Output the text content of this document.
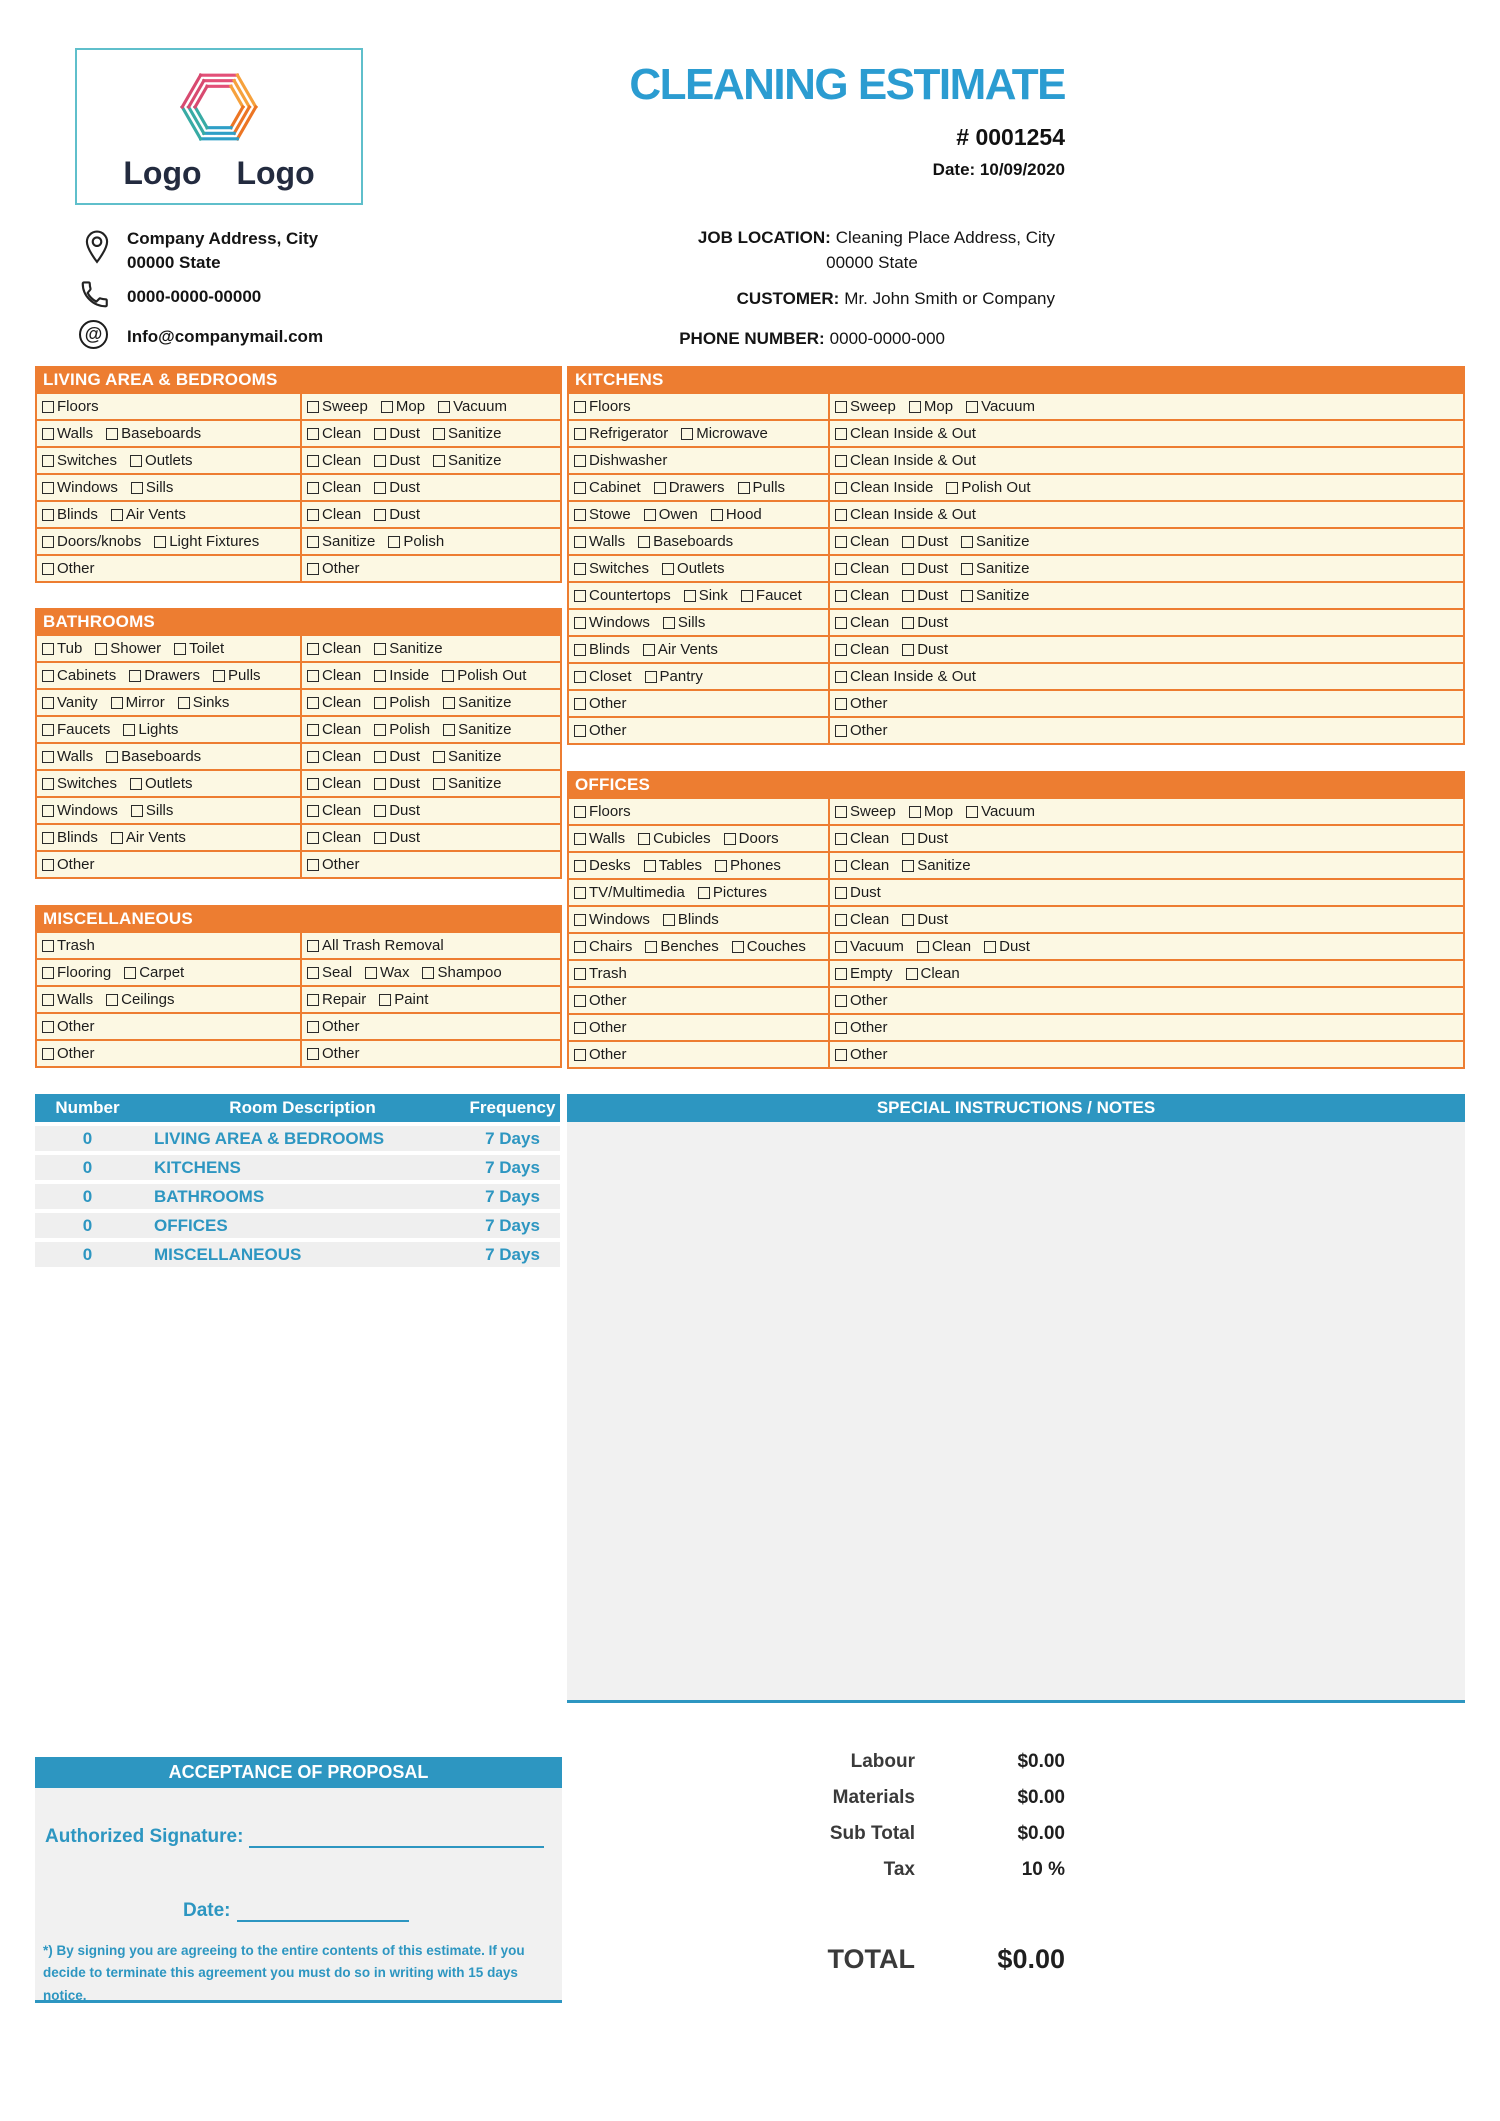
Logo Logo
CLEANING ESTIMATE
# 0001254
Date: 10/09/2020
Company Address, City
00000 State
0000-0000-00000
@ Info@companymail.com
JOB LOCATION: Cleaning Place Address, City
00000 State
CUSTOMER: Mr. John Smith or Company
PHONE NUMBER: 0000-0000-000
LIVING AREA & BEDROOMS
Floors	Sweep Mop Vacuum
Walls Baseboards	Clean Dust Sanitize
Switches Outlets	Clean Dust Sanitize
Windows Sills	Clean Dust
Blinds Air Vents	Clean Dust
Doors/knobs Light Fixtures	Sanitize Polish
Other	Other
KITCHENS
Floors	Sweep Mop Vacuum
Refrigerator Microwave	Clean Inside & Out
Dishwasher	Clean Inside & Out
Cabinet Drawers Pulls	Clean Inside Polish Out
Stowe Owen Hood	Clean Inside & Out
Walls Baseboards	Clean Dust Sanitize
Switches Outlets	Clean Dust Sanitize
Countertops Sink Faucet	Clean Dust Sanitize
Windows Sills	Clean Dust
Blinds Air Vents	Clean Dust
Closet Pantry	Clean Inside & Out
Other	Other
Other	Other
BATHROOMS
Tub Shower Toilet	Clean Sanitize
Cabinets Drawers Pulls	Clean Inside Polish Out
Vanity Mirror Sinks	Clean Polish Sanitize
Faucets Lights	Clean Polish Sanitize
Walls Baseboards	Clean Dust Sanitize
Switches Outlets	Clean Dust Sanitize
Windows Sills	Clean Dust
Blinds Air Vents	Clean Dust
Other	Other
OFFICES
Floors	Sweep Mop Vacuum
Walls Cubicles Doors	Clean Dust
Desks Tables Phones	Clean Sanitize
TV/Multimedia Pictures	Dust
Windows Blinds	Clean Dust
Chairs Benches Couches	Vacuum Clean Dust
Trash	Empty Clean
Other	Other
Other	Other
Other	Other
MISCELLANEOUS
Trash	All Trash Removal
Flooring Carpet	Seal Wax Shampoo
Walls Ceilings	Repair Paint
Other	Other
Other	Other
Number	Room Description	Frequency
0	LIVING AREA & BEDROOMS	7 Days
0	KITCHENS	7 Days
0	BATHROOMS	7 Days
0	OFFICES	7 Days
0	MISCELLANEOUS	7 Days
SPECIAL INSTRUCTIONS / NOTES
ACCEPTANCE OF PROPOSAL
Authorized Signature:
Date:
*) By signing you are agreeing to the entire contents of this estimate. If you decide to terminate this agreement you must do so in writing with 15 days notice.
Labour	$0.00
Materials	$0.00
Sub Total	$0.00
Tax	10 %
TOTAL	$0.00
